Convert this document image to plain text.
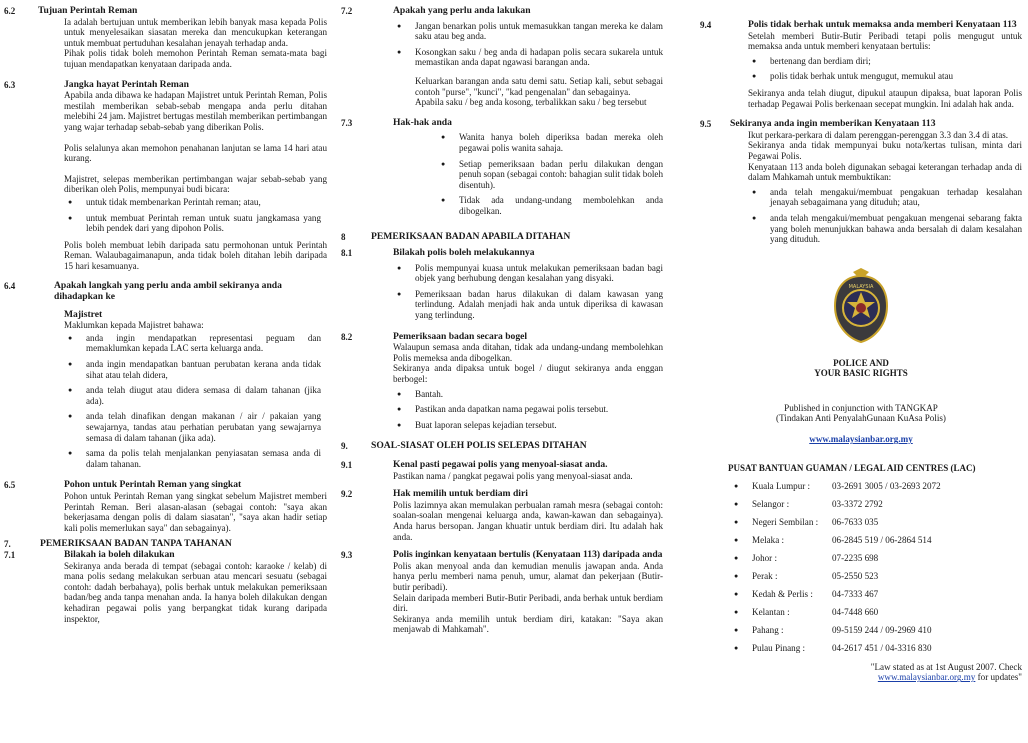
6.2 Tujuan Perintah Reman
Ia adalah bertujuan untuk memberikan lebih banyak masa kepada Polis untuk menyelesaikan siasatan mereka dan mencukupkan keterangan untuk membuat pertuduhan kesalahan jenayah terhadap anda.
Pihak polis tidak boleh memohon Perintah Reman semata-mata bagi tujuan mendapatkan kenyataan daripada anda.
6.3	Jangka hayat Perintah Reman
Apabila anda dibawa ke hadapan Majistret untuk Perintah Reman, Polis mestilah memberikan sebab-sebab mengapa anda perlu ditahan melebihi 24 jam. Majistret bertugas mestilah memberikan pertimbangan yang wajar terhadap sebab-sebab yang diberikan Polis.
Polis selalunya akan memohon penahanan lanjutan se lama 14 hari atau kurang.
Majistret, selepas memberikan pertimbangan wajar sebab-sebab yang diberikan oleh Polis, mempunyai budi bicara:
● untuk tidak membenarkan Perintah reman; atau,
● untuk membuat Perintah reman untuk suatu jangkamasa yang lebih pendek dari yang dipohon Polis.
Polis boleh membuat lebih daripada satu permohonan untuk Perintah Reman. Walaubagaimanapun, anda tidak boleh ditahan lebih daripada 15 hari kesamuanya.
6.4	Apakah langkah yang perlu anda ambil sekiranya anda dihadapkan ke
Majistret
Maklumkan kepada Majistret bahawa:
● anda ingin mendapatkan representasi peguam dan memaklumkan kepada LAC serta keluarga anda.
● anda ingin mendapatkan bantuan perubatan kerana anda tidak sihat atau telah didera,
● anda telah diugut atau didera semasa di dalam tahanan (jika ada).
● anda telah dinafikan dengan makanan / air / pakaian yang sewajarnya, tandas atau perhatian perubatan yang sewajarnya semasa di dalam tahanan (jika ada).
● sama da polis telah menjalankan penyiasatan semasa anda di dalam tahanan.
6.5	Pohon untuk Perintah Reman yang singkat
Pohon untuk Perintah Reman yang singkat sebelum Majistret memberi Perintah Reman. Beri alasan-alasan (sebagai contoh: "saya akan bekerjasama dengan polis di dalam siasatan", "saya akan hadir setiap kali polis memerlukan saya" dan sebagainya).
7.	PEMERIKSAAN BADAN TANPA TAHANAN
7.1	Bilakah ia boleh dilakukan
Sekiranya anda berada di tempat (sebagai contoh: karaoke / kelab) di mana polis sedang melakukan serbuan atau mencari sesuatu (sebagai contoh: dadah berbahaya), polis berhak untuk melakukan pemeriksaan badan/beg anda tanpa menahan anda. Ia hanya boleh dilakukan dengan kehadiran pegawai polis yang berpangkat tidak kurang daripada inspektor,
7.2	Apakah yang perlu anda lakukan
● Jangan benarkan polis untuk memasukkan tangan mereka ke dalam saku atau beg anda.
● Kosongkan saku / beg anda di hadapan polis secara sukarela untuk memastikan anda dapat ngawasi barangan anda.
Keluarkan barangan anda satu demi satu. Setiap kali, sebut sebagai contoh "purse", "kunci", "kad pengenalan" dan sebagainya.
Apabila saku / beg anda kosong, terbalikkan saku / beg tersebut
7.3	Hak-hak anda
● Wanita hanya boleh diperiksa badan mereka oleh pegawai polis wanita sahaja.
● Setiap pemeriksaan badan perlu dilakukan dengan penuh sopan (sebagai contoh: bahagian sulit tidak boleh disentuh).
● Tidak ada undang-undang membolehkan anda dibogelkan.
8	PEMERIKSAAN BADAN APABILA DITAHAN
8.1	Bilakah polis boleh melakukannya
● Polis mempunyai kuasa untuk melakukan pemeriksaan badan bagi objek yang berhubung dengan kesalahan yang disyaki.
● Pemeriksaan badan harus dilakukan di dalam kawasan yang terlindung. Adalah menjadi hak anda untuk diperiksa di kawasan yang terlindung.
8.2	Pemeriksaan badan secara bogel
Walaupun semasa anda ditahan, tidak ada undang-undang membolehkan Polis memeksa anda dibogelkan.
Sekiranya anda dipaksa untuk bogel / diugut sekiranya anda enggan berbogel:
● Bantah.
● Pastikan anda dapatkan nama pegawai polis tersebut.
● Buat laporan selepas kejadian tersebut.
9. SOAL-SIASAT OLEH POLIS SELEPAS DITAHAN
9.1	Kenal pasti pegawai polis yang menyoal-siasat anda.
Pastikan nama / pangkat pegawai polis yang menyoal-siasat anda.
9.2	Hak memilih untuk berdiam diri
Polis lazimnya akan memulakan perbualan ramah mesra (sebagai contoh: soalan-soalan mengenai keluarga anda, kawan-kawan dan sebagainya). Anda harus bersopan. Jangan khuatir untuk berdiam diri. Itu adalah hak anda.
9.3	Polis inginkan kenyataan bertulis (Kenyataan 113) daripada anda
Polis akan menyoal anda dan kemudian menulis jawapan anda. Anda hanya perlu memberi nama penuh, umur, alamat dan pekerjaan (Butir-butir peribadi).
Selain daripada memberi Butir-Butir Peribadi, anda berhak untuk berdiam diri.
Sekiranya anda memilih untuk berdiam diri, katakan: "Saya akan menjawab di Mahkamah".
9.4	Polis tidak berhak untuk memaksa anda memberi Kenyataan 113
Setelah memberi Butir-Butir Peribadi tetapi polis mengugut untuk memaksa anda untuk memberi kenyataan bertulis:
● bertenang dan berdiam diri;
● polis tidak berhak untuk mengugut, memukul atau
Sekiranya anda telah diugut, dipukul ataupun dipaksa, buat laporan Polis terhadap Pegawai Polis berkenaan secepat mungkin. Ini adalah hak anda.
9.5 Sekiranya anda ingin memberikan Kenyataan 113
Ikut perkara-perkara di dalam perenggan-perenggan 3.3 dan 3.4 di atas.
Sekiranya anda tidak mempunyai buku nota/kertas tulisan, minta dari Pegawai Polis.
Kenyataan 113 anda boleh digunakan sebagai keterangan terhadap anda di dalam Mahkamah untuk membuktikan:
● anda telah mengakui/membuat pengakuan terhadap kesalahan jenayah sebagaimana yang dituduh; atau,
● anda telah mengakui/membuat pengakuan mengenai sebarang fakta yang boleh menunjukkan bahawa anda bersalah di dalam kesalahan yang dituduh.
MALAYSIA
POLICE AND
YOUR BASIC RIGHTS
Published in conjunction with TANGKAP
(Tindakan Anti PenyalahGunaan KuAsa Polis)
www.malaysianbar.org.my
PUSAT BANTUAN GUAMAN / LEGAL AID CENTRES (LAC)
● Kuala Lumpur : 03-2691 3005 / 03-2693 2072
● Selangor :	03-3372 2792
● Negeri Sembilan : 06-7633 035
● Melaka :	06-2845 519 / 06-2864 514
● Johor :	07-2235 698
● Perak :	05-2550 523
● Kedah & Perlis : 04-7333 467
● Kelantan :	04-7448 660
● Pahang :	09-5159 244 / 09-2969 410
● Pulau Pinang :	04-2617 451 / 04-3316 830
"Law stated as at 1st August 2007. Check
www.malaysianbar.org.my for updates"
